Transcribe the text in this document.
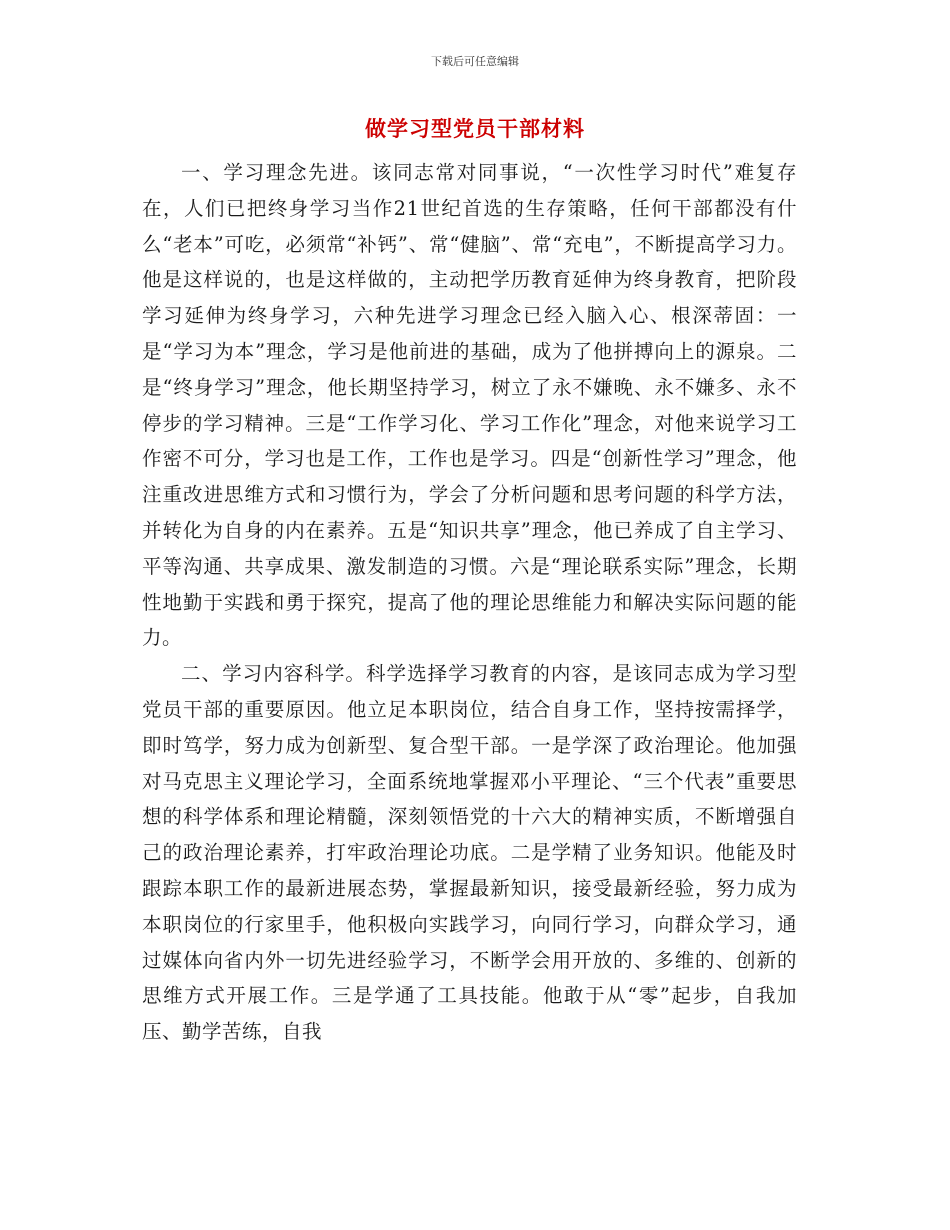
下载后可任意编辑
做学习型党员干部材料

一、学习理念先进。该同志常对同事说，“一次性学习时代”难复存在，人们已把终身学习当作21世纪首选的生存策略，任何干部都没有什么“老本”可吃，必须常“补钙”、常“健脑”、常“充电”，不断提高学习力。他是这样说的，也是这样做的，主动把学历教育延伸为终身教育，把阶段学习延伸为终身学习，六种先进学习理念已经入脑入心、根深蒂固：一是“学习为本”理念，学习是他前进的基础，成为了他拼搏向上的源泉。二是“终身学习”理念，他长期坚持学习，树立了永不嫌晚、永不嫌多、永不停步的学习精神。三是“工作学习化、学习工作化”理念，对他来说学习工作密不可分，学习也是工作，工作也是学习。四是“创新性学习”理念，他注重改进思维方式和习惯行为，学会了分析问题和思考问题的科学方法，并转化为自身的内在素养。五是“知识共享”理念，他已养成了自主学习、平等沟通、共享成果、激发制造的习惯。六是“理论联系实际”理念，长期性地勤于实践和勇于探究，提高了他的理论思维能力和解决实际问题的能力。

二、学习内容科学。科学选择学习教育的内容，是该同志成为学习型党员干部的重要原因。他立足本职岗位，结合自身工作，坚持按需择学，即时笃学，努力成为创新型、复合型干部。一是学深了政治理论。他加强对马克思主义理论学习，全面系统地掌握邓小平理论、“三个代表”重要思想的科学体系和理论精髓，深刻领悟党的十六大的精神实质，不断增强自己的政治理论素养，打牢政治理论功底。二是学精了业务知识。他能及时跟踪本职工作的最新进展态势，掌握最新知识，接受最新经验，努力成为本职岗位的行家里手，他积极向实践学习，向同行学习，向群众学习，通过媒体向省内外一切先进经验学习，不断学会用开放的、多维的、创新的思维方式开展工作。三是学通了工具技能。他敢于从“零”起步，自我加压、勤学苦练，自我
